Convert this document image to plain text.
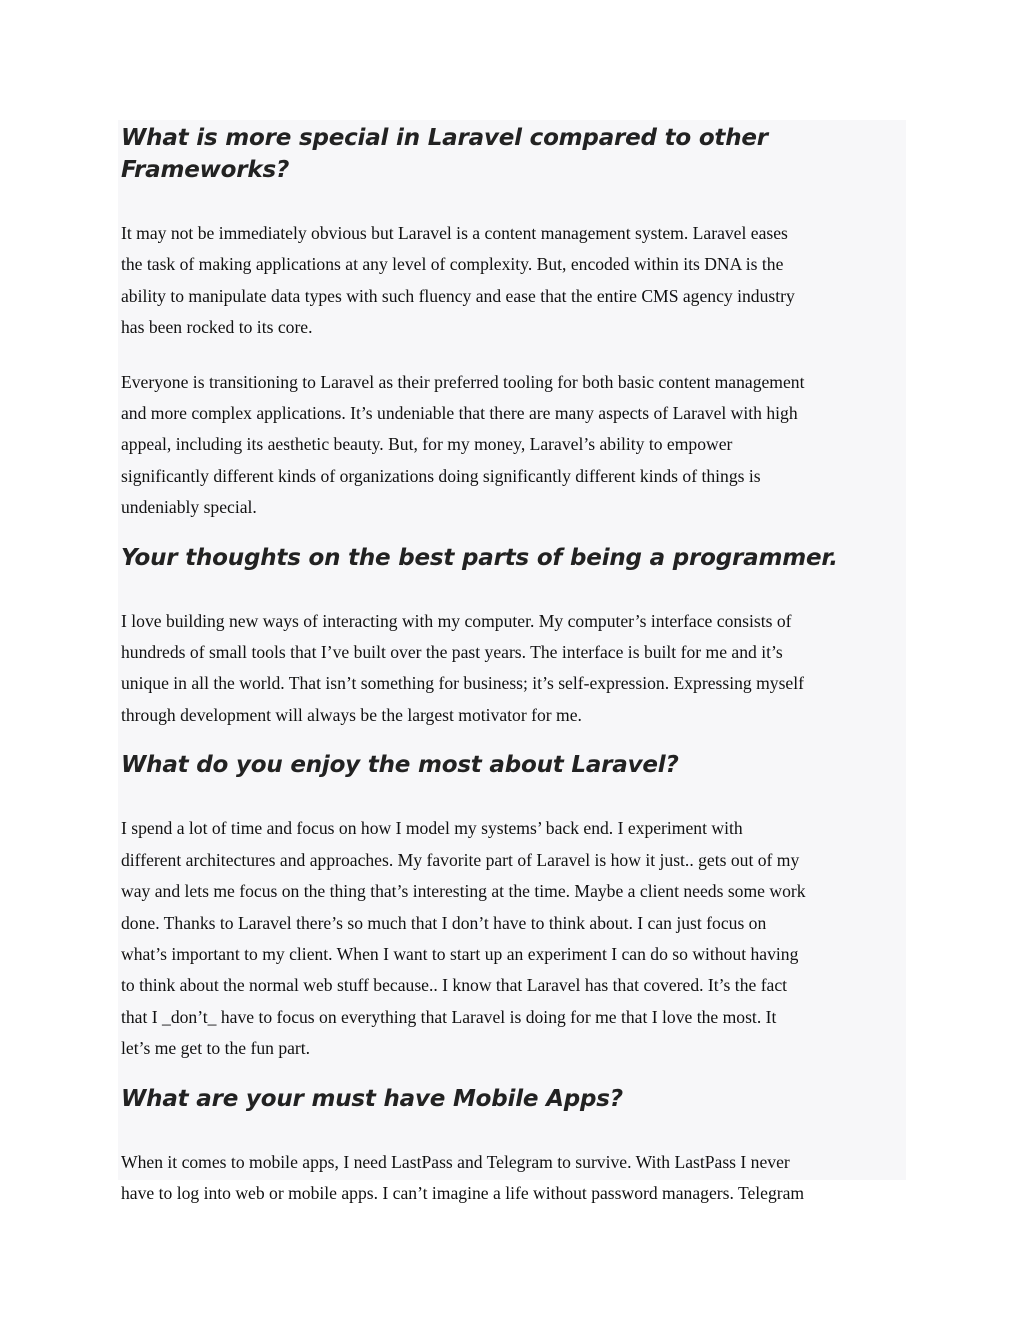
What is more special in Laravel compared to other Frameworks?

It may not be immediately obvious but Laravel is a content management system. Laravel eases
the task of making applications at any level of complexity. But, encoded within its DNA is the
ability to manipulate data types with such fluency and ease that the entire CMS agency industry
has been rocked to its core.

Everyone is transitioning to Laravel as their preferred tooling for both basic content management
and more complex applications. It’s undeniable that there are many aspects of Laravel with high
appeal, including its aesthetic beauty. But, for my money, Laravel’s ability to empower
significantly different kinds of organizations doing significantly different kinds of things is
undeniably special.

Your thoughts on the best parts of being a programmer.

I love building new ways of interacting with my computer. My computer’s interface consists of
hundreds of small tools that I’ve built over the past years. The interface is built for me and it’s
unique in all the world. That isn’t something for business; it’s self-expression. Expressing myself
through development will always be the largest motivator for me.

What do you enjoy the most about Laravel?

I spend a lot of time and focus on how I model my systems’ back end. I experiment with
different architectures and approaches. My favorite part of Laravel is how it just.. gets out of my
way and lets me focus on the thing that’s interesting at the time. Maybe a client needs some work
done. Thanks to Laravel there’s so much that I don’t have to think about. I can just focus on
what’s important to my client. When I want to start up an experiment I can do so without having
to think about the normal web stuff because.. I know that Laravel has that covered. It’s the fact
that I _don’t_ have to focus on everything that Laravel is doing for me that I love the most. It
let’s me get to the fun part.

What are your must have Mobile Apps?

When it comes to mobile apps, I need LastPass and Telegram to survive. With LastPass I never
have to log into web or mobile apps. I can’t imagine a life without password managers. Telegram
